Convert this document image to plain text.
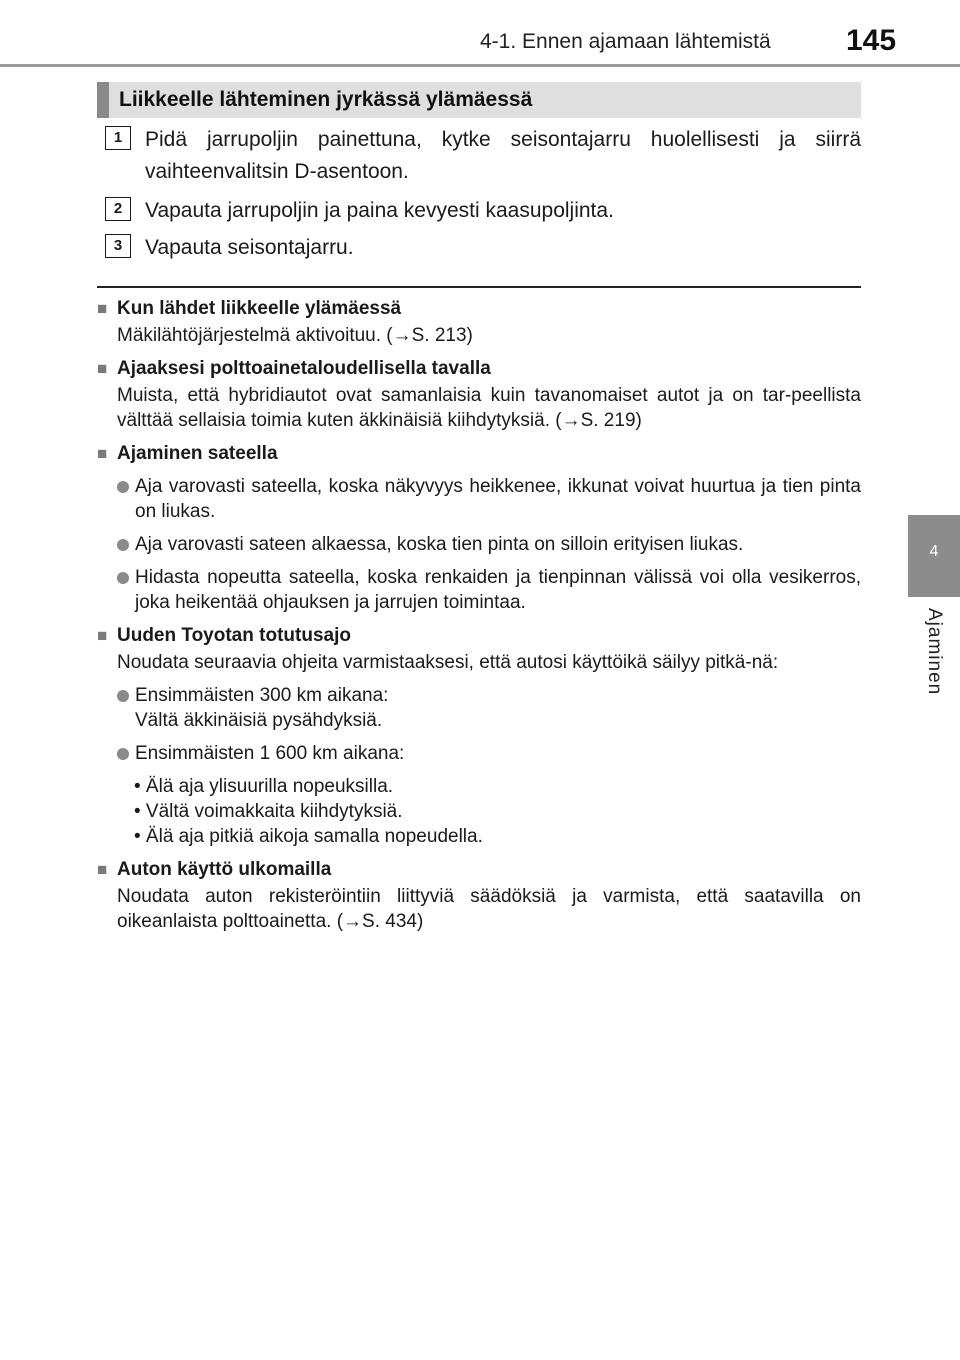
4-1. Ennen ajamaan lähtemistä	145
4
Ajaminen
Liikkeelle lähteminen jyrkässä ylämäessä
1	Pidä jarrupoljin painettuna, kytke seisontajarru huolellisesti ja siirrä vaihteenvalitsin D-asentoon.
2	Vapauta jarrupoljin ja paina kevyesti kaasupoljinta.
3	Vapauta seisontajarru.
■ Kun lähdet liikkeelle ylämäessä
Mäkilähtöjärjestelmä aktivoituu. (→S. 213)
■ Ajaaksesi polttoainetaloudellisella tavalla
Muista, että hybridiautot ovat samanlaisia kuin tavanomaiset autot ja on tar-peellista välttää sellaisia toimia kuten äkkinäisiä kiihdytyksiä. (→S. 219)
■ Ajaminen sateella
Aja varovasti sateella, koska näkyvyys heikkenee, ikkunat voivat huurtua ja tien pinta on liukas.
Aja varovasti sateen alkaessa, koska tien pinta on silloin erityisen liukas.
Hidasta nopeutta sateella, koska renkaiden ja tienpinnan välissä voi olla vesikerros, joka heikentää ohjauksen ja jarrujen toimintaa.
■ Uuden Toyotan totutusajo
Noudata seuraavia ohjeita varmistaaksesi, että autosi käyttöikä säilyy pitkä-nä:
Ensimmäisten 300 km aikana:
Vältä äkkinäisiä pysähdyksiä.
Ensimmäisten 1 600 km aikana:
• Älä aja ylisuurilla nopeuksilla.
• Vältä voimakkaita kiihdytyksiä.
• Älä aja pitkiä aikoja samalla nopeudella.
■ Auton käyttö ulkomailla
Noudata auton rekisteröintiin liittyviä säädöksiä ja varmista, että saatavilla on oikeanlaista polttoainetta. (→S. 434)
